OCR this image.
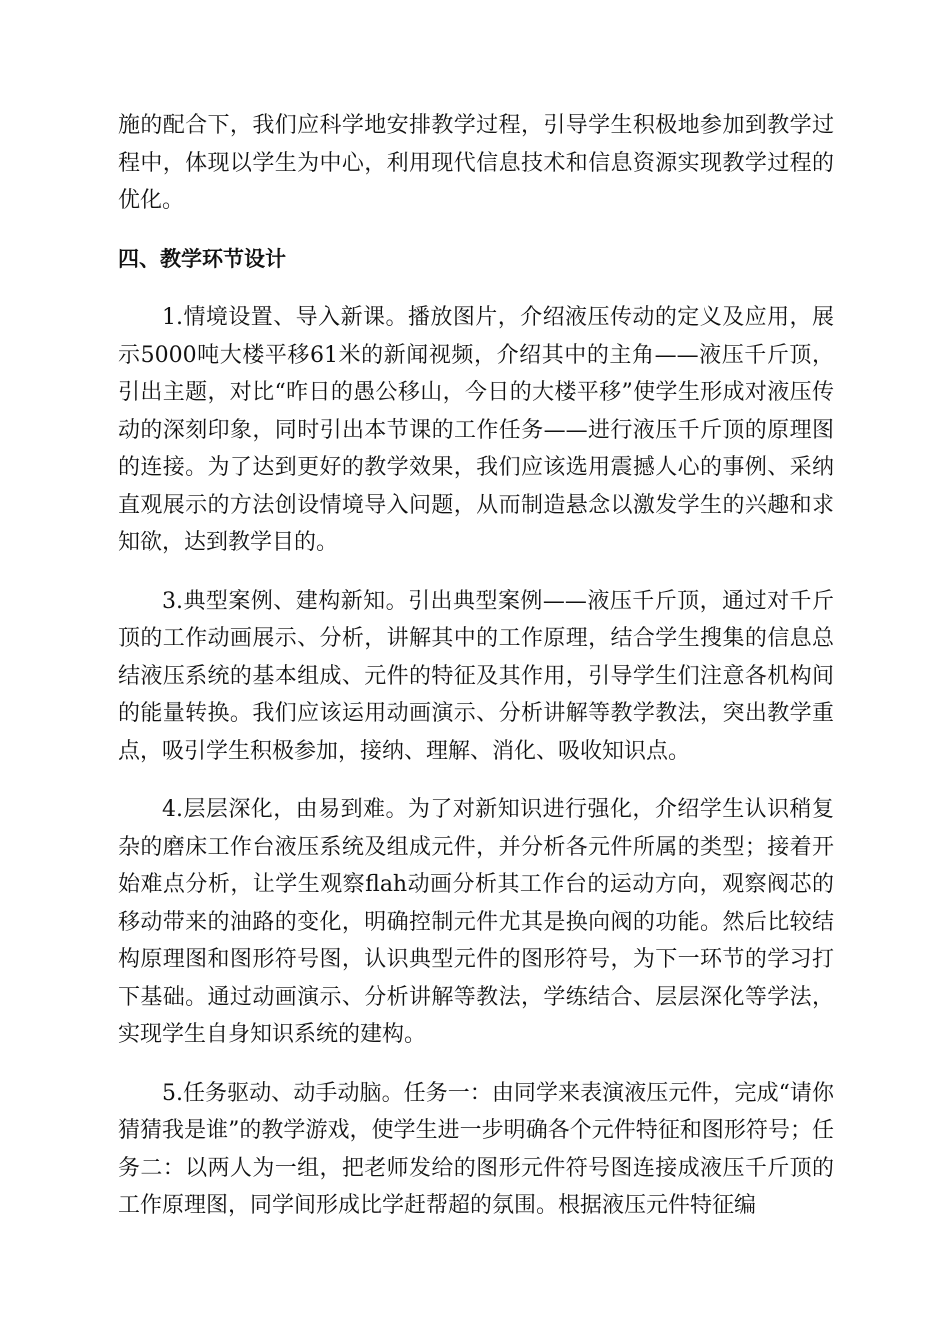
施的配合下，我们应科学地安排教学过程，引导学生积极地参加到教学过程中，体现以学生为中心，利用现代信息技术和信息资源实现教学过程的优化。

四、教学环节设计

1.情境设置、导入新课。播放图片，介绍液压传动的定义及应用，展示5000吨大楼平移61米的新闻视频，介绍其中的主角——液压千斤顶，引出主题，对比“昨日的愚公移山，今日的大楼平移”使学生形成对液压传动的深刻印象，同时引出本节课的工作任务——进行液压千斤顶的原理图的连接。为了达到更好的教学效果，我们应该选用震撼人心的事例、采纳直观展示的方法创设情境导入问题，从而制造悬念以激发学生的兴趣和求知欲，达到教学目的。

3.典型案例、建构新知。引出典型案例——液压千斤顶，通过对千斤顶的工作动画展示、分析，讲解其中的工作原理，结合学生搜集的信息总结液压系统的基本组成、元件的特征及其作用，引导学生们注意各机构间的能量转换。我们应该运用动画演示、分析讲解等教学教法，突出教学重点，吸引学生积极参加，接纳、理解、消化、吸收知识点。

4.层层深化，由易到难。为了对新知识进行强化，介绍学生认识稍复杂的磨床工作台液压系统及组成元件，并分析各元件所属的类型；接着开始难点分析，让学生观察flah动画分析其工作台的运动方向，观察阀芯的移动带来的油路的变化，明确控制元件尤其是换向阀的功能。然后比较结构原理图和图形符号图，认识典型元件的图形符号，为下一环节的学习打下基础。通过动画演示、分析讲解等教法，学练结合、层层深化等学法，实现学生自身知识系统的建构。

5.任务驱动、动手动脑。任务一：由同学来表演液压元件，完成“请你猜猜我是谁”的教学游戏，使学生进一步明确各个元件特征和图形符号；任务二：以两人为一组，把老师发给的图形元件符号图连接成液压千斤顶的工作原理图，同学间形成比学赶帮超的氛围。根据液压元件特征编
